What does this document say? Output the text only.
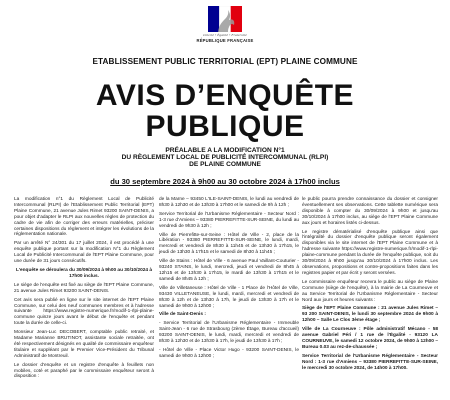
Liberté • Égalité • Fraternité
RÉPUBLIQUE FRANÇAISE
ETABLISSEMENT PUBLIC TERRITORIAL (EPT) PLAINE COMMUNE
AVIS D’ENQUÊTE
PUBLIQUE
PRÉALABLE A LA MODIFICATION N°1
DU RÈGLEMENT LOCAL DE PUBLICITÉ INTERCOMMUNAL (RLPI)
DE PLAINE COMMUNE
du 30 septembre 2024 à 9h00 au 30 octobre 2024 à 17h00 inclus

La modification n°1 du Règlement Local de Publicité Intercommunal (RLPI) de l'Etablissement Public Territorial (EPT) Plaine Commune, 21 avenue Jules Rimet 93200 SAINT-DENIS, a pour objet d'adapter le RLPI aux nouvelles règles de protection du cadre de vie afin de corriger des erreurs matérielles, préciser certaines dispositions du règlement et intégrer les évolutions de la réglementation nationale.

Par un arrêté N° 24/301 du 17 juillet 2024, il est procédé à une enquête publique portant sur la modification N°1 du Règlement Local de Publicité Intercommunal de l'EPT Plaine Commune, pour une durée de 31 jours consécutifs.

L'enquête se déroulera du 30/09/2024 à 9h00 au 30/10/2024 à 17h00 inclus.

Le siège de l'enquête est fixé au siège de l'EPT Plaine Commune, 21 avenue Jules Rimet 93200 SAINT-DENIS.

Cet avis sera publié en ligne sur le site internet de l'EPT Plaine Commune, sur celui des neuf communes membres et à l'adresse suivante https://www.registre-numerique.fr/modif-1-rlpi-plaine-commune quinze jours avant le début de l'enquête et pendant toute la durée de celle-ci.

Monsieur Jean-Luc DECOBERT, comptable public retraité, et Madame Marianne BRUTINOT, assistante sociale retraitée, ont été respectivement désignés en qualité de commissaire enquêteur titulaire et suppléant par le Premier Vice-Président du Tribunal Administratif de Montreuil.

Le dossier d'enquête et un registre d'enquête à feuillets non mobiles, coté et paraphé par le commissaire enquêteur seront à disposition :

de la Marne – 93450 L'ILE-SAINT-DENIS, le lundi au vendredi de 8h30 à 12h30 et de 13h30 à 17h00 et le samedi de 9h à 12h ;

Service Territorial de l'Urbanisme Réglementaire - Secteur Nord : 1-3 rue d'Amiens – 93380 PIERREFITTE-SUR-SEINE, du lundi au vendredi de 9h30 à 12h ;

Ville de Pierrefitte-sur-Seine : Hôtel de Ville - 2, place de la Libération - 93380 PIERREFITTE-SUR-SEINE, le lundi, mardi, mercredi et vendredi de 8h30 à 11h45 et de 13h30 à 17h15, le jeudi de 13h30 à 17h15 et le samedi de 8h30 à 11h45 ;

Ville de Stains : Hôtel de Ville - 6 avenue Paul Vaillant-Couturier - 93240 STAINS, le lundi, mercredi, jeudi et vendredi de 8h45 à 12h15 et de 13h30 à 17h15, le mardi de 13h30 à 17h15 et le samedi de 8h45 à 12h ;

Ville de Villetaneuse : Hôtel de Ville - 1 Place de l'Hôtel de Ville, 93430 VILLETANEUSE, le lundi, mardi, mercredi et vendredi de 8h30 à 12h et de 13h30 à 17h, le jeudi de 13h30 à 17h et le samedi de 9h00 à 12h00 ;

Ville de Saint-Denis :

- Service Territorial de l'Urbanisme Réglementaire - Immeuble Saint-Jean - 6 rue de Strasbourg (2ème Étage, Bureau d'accueil) 93200 SAINT-DENIS, le lundi, mardi, mercredi et vendredi de 8h30 à 12h30 et de 13h30 à 17h, le jeudi de 13h30 à 17h ;

- Hôtel de Ville - Place Victor Hugo - 93200 SAINT-DENIS, le samedi de 9h00 à 12h00 ;

le public pourra prendre connaissance du dossier et consigner éventuellement ses observations. Cette tablette numérique sera disponible à compter du 30/09/2024 à 9h00 et jusqu'au 30/10/2024 à 17h00 inclus, au siège de l'EPT Plaine Commune aux jours et horaires listés ci-dessus.

Le registre dématérialisé d'enquête publique ainsi que l'intégralité du dossier d'enquête publique seront également disponibles via le site internet de l'EPT Plaine Commune et à l'adresse suivante https://www.registre-numerique.fr/modif-1-rlpi-plaine-commune pendant la durée de l'enquête publique, soit du 30/09/2024 à 9h00 jusqu'au 30/10/2024 à 17h00 inclus. Les observations, propositions et contre-propositions faites dans les registres papier et par écrit y seront versées.

Le commissaire enquêteur recevra le public au siège de Plaine Commune (siège de l'enquête), à la mairie de La Courneuve et au Service Territorial de l'Urbanisme Réglementaire - Secteur Nord aux jours et heures suivants :

Siège de l'EPT Plaine Commune : 21 avenue Jules Rimet – 93 200 SAINT-DENIS, le lundi 30 septembre 2024 de 9h00 à 12h00 – Salle Le Clos 3ème étage ;

Ville de La Courneuve : Pôle administratif Mécano - 58 avenue Gabriel Péri / 1 rue de l'Égalité - 93120 LA COURNEUVE, le samedi 12 octobre 2024, de 9h00 à 12h00 – Bureau 0.03 au rez-de-chaussée ;

Service Territorial de l'Urbanisme Réglementaire - Secteur Nord : 1-3 rue d'Amiens – 93380 PIERREFITTE-SUR-SEINE, le mercredi 30 octobre 2024, de 14h00 à 17h00.
